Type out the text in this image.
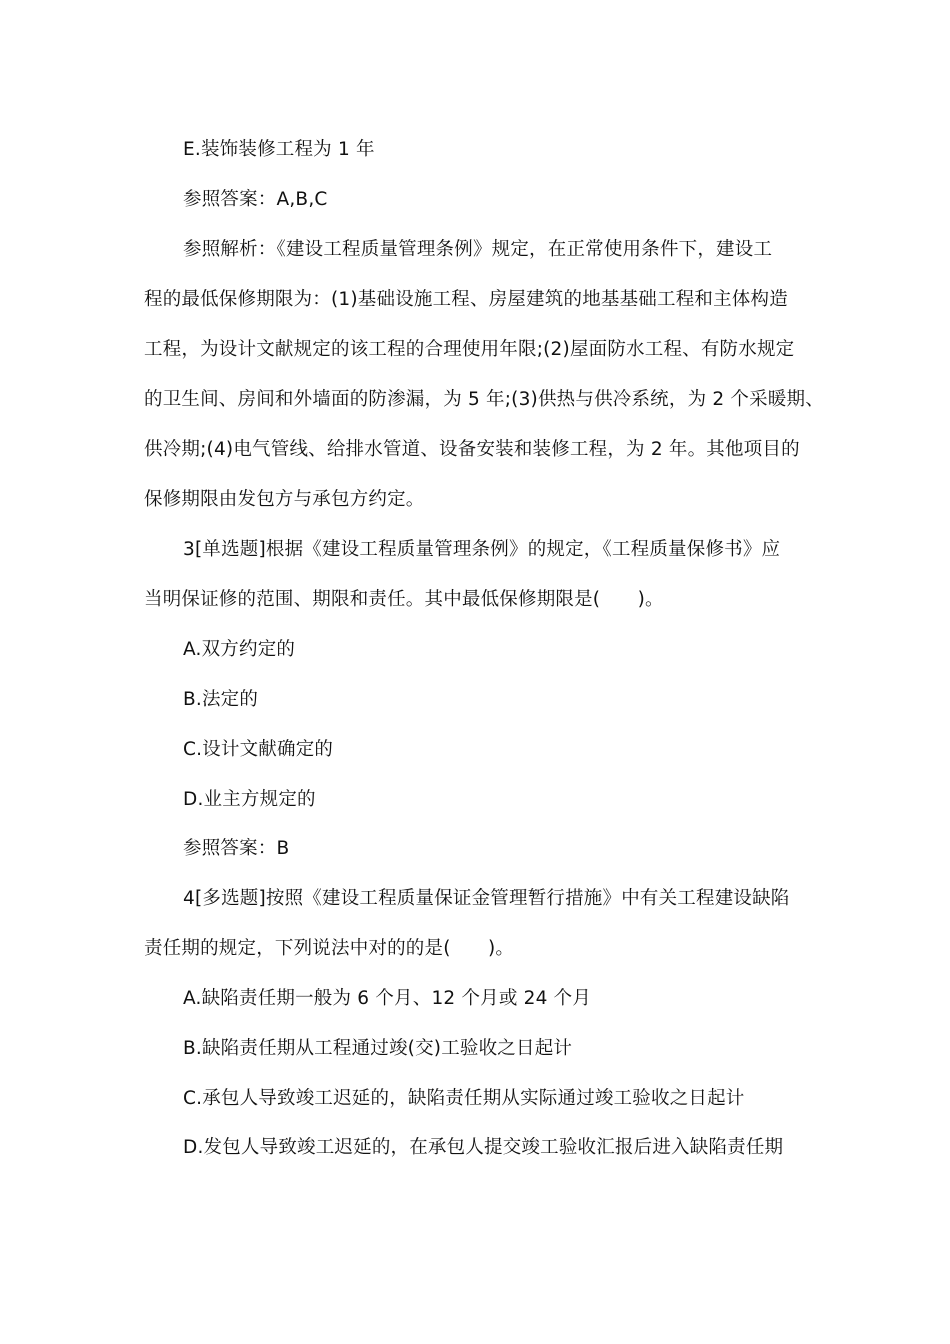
E.装饰装修工程为 1 年
参照答案：A,B,C
参照解析：《建设工程质量管理条例》规定，在正常使用条件下，建设工
程的最低保修期限为：(1)基础设施工程、房屋建筑的地基基础工程和主体构造
工程，为设计文献规定的该工程的合理使用年限;(2)屋面防水工程、有防水规定
的卫生间、房间和外墙面的防渗漏，为 5 年;(3)供热与供冷系统，为 2 个采暖期、
供冷期;(4)电气管线、给排水管道、设备安装和装修工程，为 2 年。其他项目的
保修期限由发包方与承包方约定。
3[单选题]根据《建设工程质量管理条例》的规定，《工程质量保修书》应
当明保证修的范围、期限和责任。其中最低保修期限是(　　)。
A.双方约定的
B.法定的
C.设计文献确定的
D.业主方规定的
参照答案：B
4[多选题]按照《建设工程质量保证金管理暂行措施》中有关工程建设缺陷
责任期的规定，下列说法中对的的是(　　)。
A.缺陷责任期一般为 6 个月、12 个月或 24 个月
B.缺陷责任期从工程通过竣(交)工验收之日起计
C.承包人导致竣工迟延的，缺陷责任期从实际通过竣工验收之日起计
D.发包人导致竣工迟延的，在承包人提交竣工验收汇报后进入缺陷责任期
